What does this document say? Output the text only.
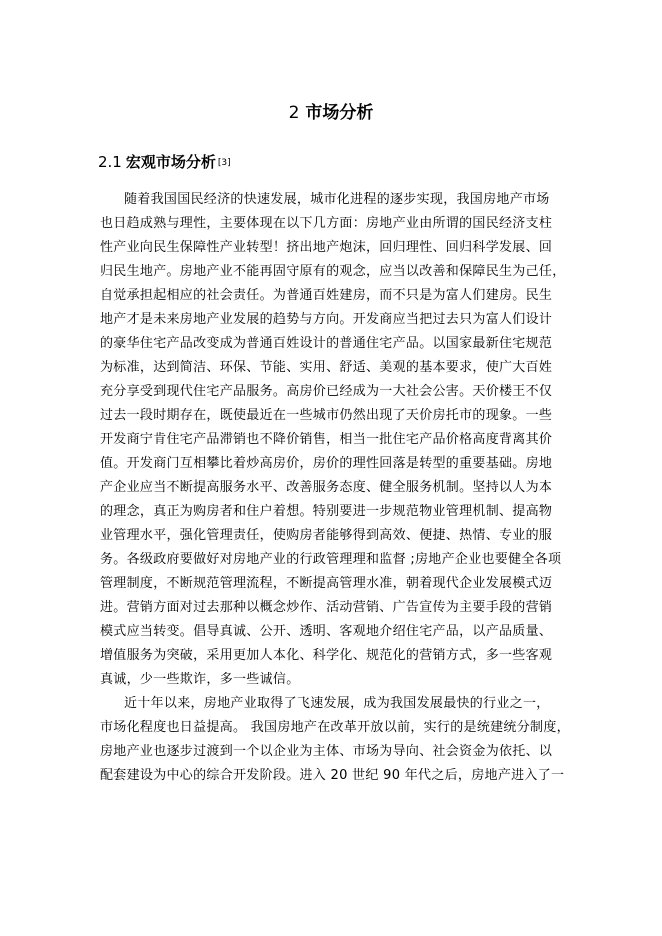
2 市场分析
2.1 宏观市场分析 [3]
随着我国国民经济的快速发展，城市化进程的逐步实现，我国房地产市场
也日趋成熟与理性，主要体现在以下几方面：房地产业由所谓的国民经济支柱
性产业向民生保障性产业转型！挤出地产炮沫，回归理性、回归科学发展、回
归民生地产。房地产业不能再固守原有的观念，应当以改善和保障民生为己任，
自觉承担起相应的社会责任。为普通百姓建房，而不只是为富人们建房。民生
地产才是未来房地产业发展的趋势与方向。开发商应当把过去只为富人们设计
的豪华住宅产品改变成为普通百姓设计的普通住宅产品。以国家最新住宅规范
为标准，达到简洁、环保、节能、实用、舒适、美观的基本要求，使广大百姓
充分享受到现代住宅产品服务。高房价已经成为一大社会公害。天价楼王不仅
过去一段时期存在，既使最近在一些城市仍然出现了天价房托市的现象。一些
开发商宁肯住宅产品滞销也不降价销售，相当一批住宅产品价格高度背离其价
值。开发商门互相攀比着炒高房价，房价的理性回落是转型的重要基础。房地
产企业应当不断提高服务水平、改善服务态度、健全服务机制。坚持以人为本
的理念，真正为购房者和住户着想。特别要进一步规范物业管理机制、提高物
业管理水平，强化管理责任，使购房者能够得到高效、便捷、热情、专业的服
务。各级政府要做好对房地产业的行政管理理和监督 ;房地产企业也要健全各项
管理制度，不断规范管理流程，不断提高管理水准，朝着现代企业发展模式迈
进。营销方面对过去那种以概念炒作、活动营销、广告宣传为主要手段的营销
模式应当转变。倡导真诚、公开、透明、客观地介绍住宅产品，以产品质量、
增值服务为突破，采用更加人本化、科学化、规范化的营销方式，多一些客观
真诚，少一些欺诈，多一些诚信。
近十年以来，房地产业取得了飞速发展，成为我国发展最快的行业之一，
市场化程度也日益提高。 我国房地产在改革开放以前，实行的是统建统分制度，
房地产业也逐步过渡到一个以企业为主体、市场为导向、社会资金为依托、以
配套建设为中心的综合开发阶段。进入 20 世纪 90 年代之后，房地产进入了一
